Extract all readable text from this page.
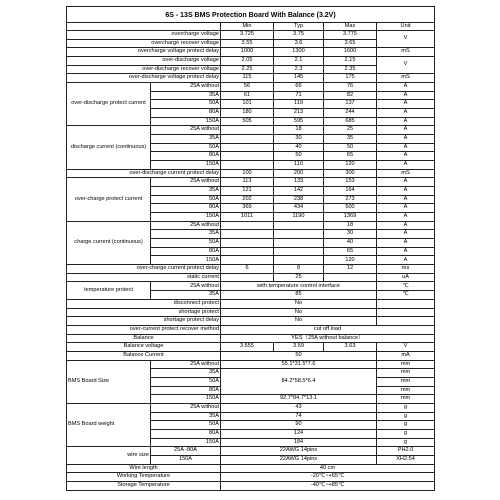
6S - 13S BMS Protection Board With Balance (3.2V)					
		Min	Typ	Max	Unit
overcharge voltage		3.725	3.75	3.775	V
overcharge recover voltage		3.55	3.6	3.65	
overcharge voltage protect delay		1000	1300	1600	mS
over-discharge voltage		2.05	2.1	2.15	V
over-discharge recover voltage		2.25	2.3	2.35	
over-discharge voltage protect delay		115	145	175	mS
over-discharge protect current	25A without	56	66	76	A
	35A	61	71	82	A
	50A	101	119	137	A
	80A	180	213	244	A
	150A	505	595	685	A
discharge current (continuous)	25A without		18	25	A
	35A		30	35	A
	50A		40	50	A
	80A		50	65	A
	150A		110	120	A
over-discharge current protect delay		100	200	300	mS
over-charge protect current	25A without	113	133	153	A
	35A	121	142	164	A
	50A	202	238	273	A
	80A	369	434	500	A
	150A	1011	1190	1369	A
charge current (continuous)	25A without			18	A
	35A			30	A
	50A			40	A
	80A			65	A
	150A			120	A
over-charge current protect delay		6	8	12	ms
static current			25		uA
temperature protect	25A without	with temperature control interface			℃
	35A	85			℃
disconnect protect		No			
shortage protect		No			
shortage protect delay		No			
over-current protect recover method		cut off load			
Balance		YES（25A without balance）			
Balance voltage		3.555	3.59	3.63	V
Balance Current		50			mA
BMS Board Size	25A without	55.1*31.5*7.6			mm
	35A	84.2*58.5*6.4			mm
	50A				mm
	80A				mm
	150A	92.7*84.7*13.1			mm
BMS Board weight	25A without	43			g
	35A	74			g
	50A	90			g
	80A	124			g
	150A	184			g
wire size	25A -80A	22AWG 14pins			PH2.0
	150A	22AWG 14pins			XH2.54
Wire length		40 cm			
Working Temperature		-20℃~+65℃			
Storage Temperature		-40℃~+85℃			
